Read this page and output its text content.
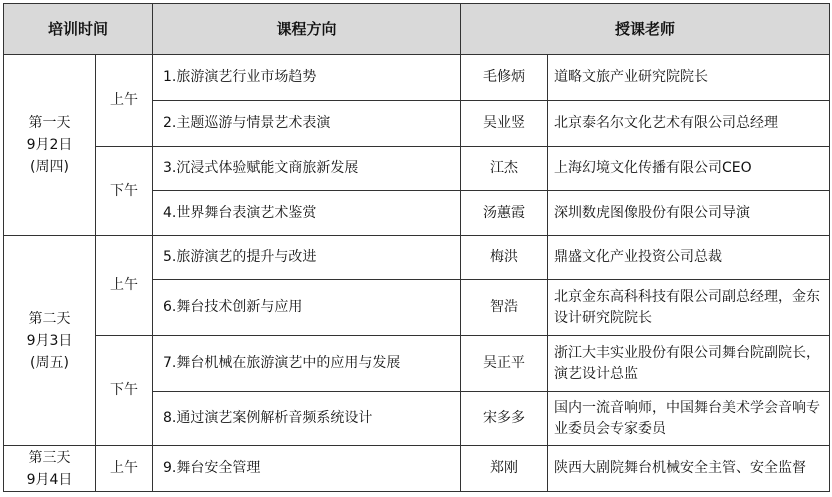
培训时间		课程方向	授课老师	

第一天
9月2日
(周四)	上午	1.旅游演艺行业市场趋势	毛修炳	道略文旅产业研究院院长
		2.主题巡游与情景艺术表演	吴业竖	北京泰名尔文化艺术有限公司总经理
	下午	3.沉浸式体验赋能文商旅新发展	江杰	上海幻境文化传播有限公司CEO
		4.世界舞台表演艺术鉴赏	汤蕙霞	深圳数虎图像股份有限公司导演

第二天
9月3日
(周五)	上午	5.旅游演艺的提升与改进	梅洪	鼎盛文化产业投资公司总裁
		6.舞台技术创新与应用	智浩	北京金东高科科技有限公司副总经理，金东设计研究院院长
	下午	7.舞台机械在旅游演艺中的应用与发展	吴正平	浙江大丰实业股份有限公司舞台院副院长，演艺设计总监
		8.通过演艺案例解析音频系统设计	宋多多	国内一流音响师，中国舞台美术学会音响专业委员会专家委员

第三天
9月4日	上午	9.舞台安全管理	郑刚	陕西大剧院舞台机械安全主管、安全监督
